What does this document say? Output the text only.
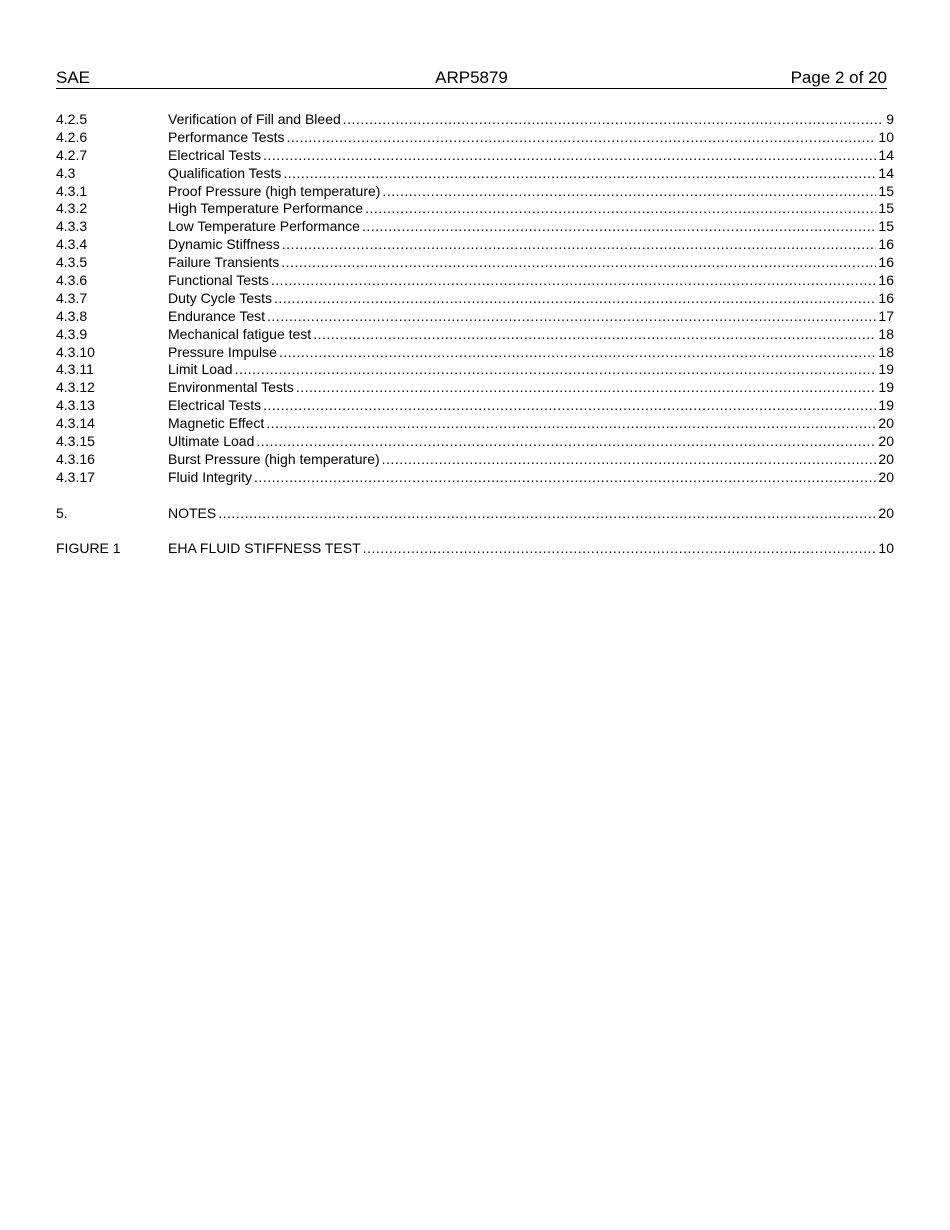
SAE	ARP5879	Page 2 of 20
4.2.5	Verification of Fill and Bleed .....	9
4.2.6	Performance Tests .....	10
4.2.7	Electrical Tests .....	14
4.3	Qualification Tests .....	14
4.3.1	Proof Pressure (high temperature) .....	15
4.3.2	High Temperature Performance .....	15
4.3.3	Low Temperature Performance .....	15
4.3.4	Dynamic Stiffness .....	16
4.3.5	Failure Transients .....	16
4.3.6	Functional Tests .....	16
4.3.7	Duty Cycle Tests .....	16
4.3.8	Endurance Test .....	17
4.3.9	Mechanical fatigue test .....	18
4.3.10	Pressure Impulse .....	18
4.3.11	Limit Load .....	19
4.3.12	Environmental Tests .....	19
4.3.13	Electrical Tests .....	19
4.3.14	Magnetic Effect .....	20
4.3.15	Ultimate Load .....	20
4.3.16	Burst Pressure (high temperature) .....	20
4.3.17	Fluid Integrity .....	20
5.	NOTES .....	20
FIGURE 1	EHA FLUID STIFFNESS TEST .....	10
